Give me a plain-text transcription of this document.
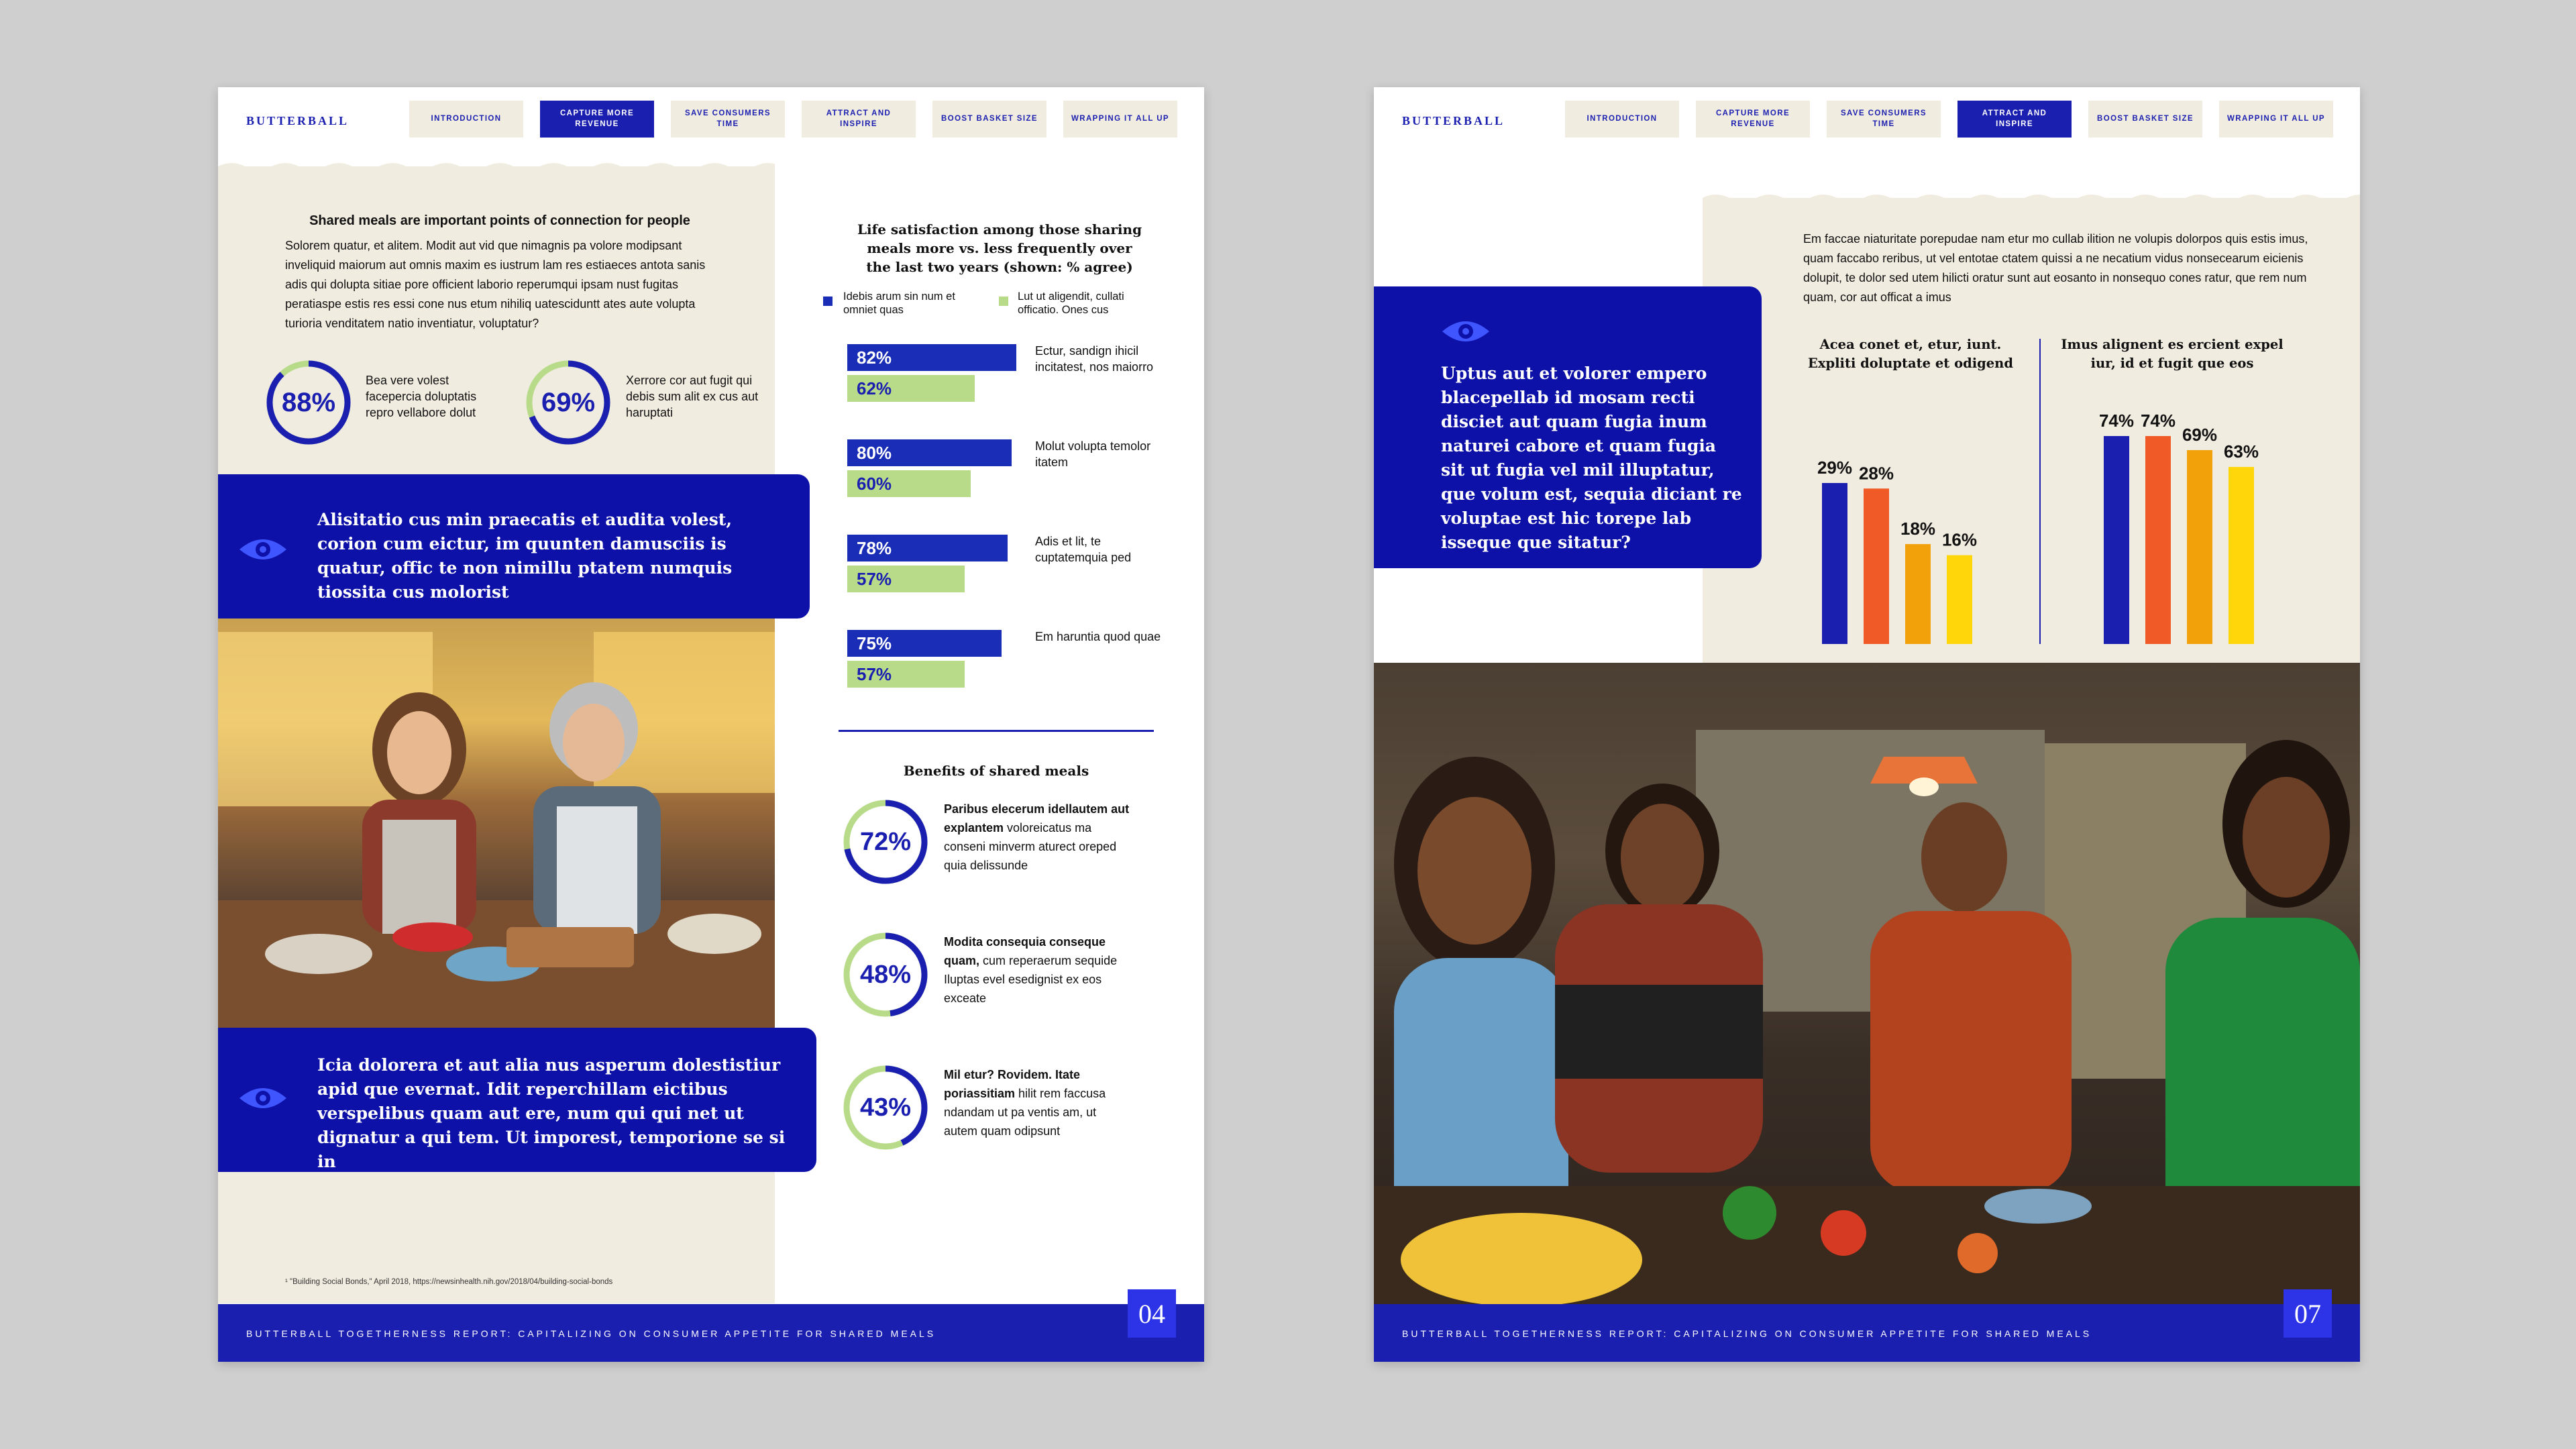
BUTTERBALL	INTRODUCTION
CAPTURE MORE REVENUE
SAVE CONSUMERS TIME
ATTRACT AND INSPIRE
BOOST BASKET SIZE	WRAPPING IT ALL UP
Shared meals are important points of connection for people
Solorem quatur, et alitem. Modit aut vid que nimagnis pa volore modipsant inveliquid maiorum aut omnis maxim es iustrum lam res estiaeces antota sanis adis qui dolupta sitiae pore officient laborio reperumqui ipsam nust fugitas peratiaspe estis res essi cone nus etum nihiliq uatesciduntt ates aute volupta turioria venditatem natio inventiatur, voluptatur?
88%
Bea vere volest facepercia doluptatis repro vellabore dolut	69%
Xerrore cor aut fugit qui debis sum alit ex cus aut haruptati
Alisitatio cus min praecatis et audita volest, corion cum eictur, im quunten damusciis is quatur, offic te non nimillu ptatem numquis tiossita cus molorist
Icia dolorera et aut alia nus asperum dolestistiur apid que evernat. Idit reperchillam eictibus verspelibus quam aut ere, num qui qui net ut dignatur a qui tem. Ut imporest, temporione se si in
¹ "Building Social Bonds," April 2018, https://newsinhealth.nih.gov/2018/04/building-social-bonds
Life satisfaction among those sharing meals more vs. less frequently over the last two years (shown: % agree)
Idebis arum sin num et omniet quas
Lut ut aligendit, cullati officatio. Ones cus
82%
62%
Ectur, sandign ihicil incitatest, nos maiorro
80%
60%
Molut volupta temolor itatem
78%
57%
Adis et lit, te cuptatemquia ped
75%
57%
Em haruntia quod quae
Benefits of shared meals
72%
Paribus elecerum idellautem aut explantem voloreicatus ma conseni minverm aturect oreped quia delissunde
48%
Modita consequia conseque quam, cum reperaerum sequide Iluptas evel esedignist ex eos exceate
43%
Mil etur? Rovidem. Itate poriassitiam hilit rem faccusa ndandam ut pa ventis am, ut autem quam odipsunt
BUTTERBALL TOGETHERNESS REPORT: CAPITALIZING ON CONSUMER APPETITE FOR SHARED MEALS
04
BUTTERBALL	INTRODUCTION
CAPTURE MORE REVENUE
SAVE CONSUMERS TIME
ATTRACT AND INSPIRE
BOOST BASKET SIZE	WRAPPING IT ALL UP
Em faccae niaturitate porepudae nam etur mo cullab ilition ne volupis dolorpos quis estis imus, quam faccabo reribus, ut vel entotae ctatem quissi a ne necatium vidus nonsecearum eicienis dolupit, te dolor sed utem hilicti oratur sunt aut eosanto in nonsequo cones ratur, que rem num quam, cor aut officat a imus
Uptus aut et volorer empero blacepellab id mosam recti disciet aut quam fugia inum naturei cabore et quam fugia sit ut fugia vel mil illuptatur, que volum est, sequia diciant re voluptae est hic torepe lab isseque que sitatur?
Acea conet et, etur, iunt. Expliti doluptate et odigend
Imus alignent es ercient expel iur, id et fugit que eos
29% 28%
18%
16%
74% 74%
69%
63%
BUTTERBALL TOGETHERNESS REPORT: CAPITALIZING ON CONSUMER APPETITE FOR SHARED MEALS
07
